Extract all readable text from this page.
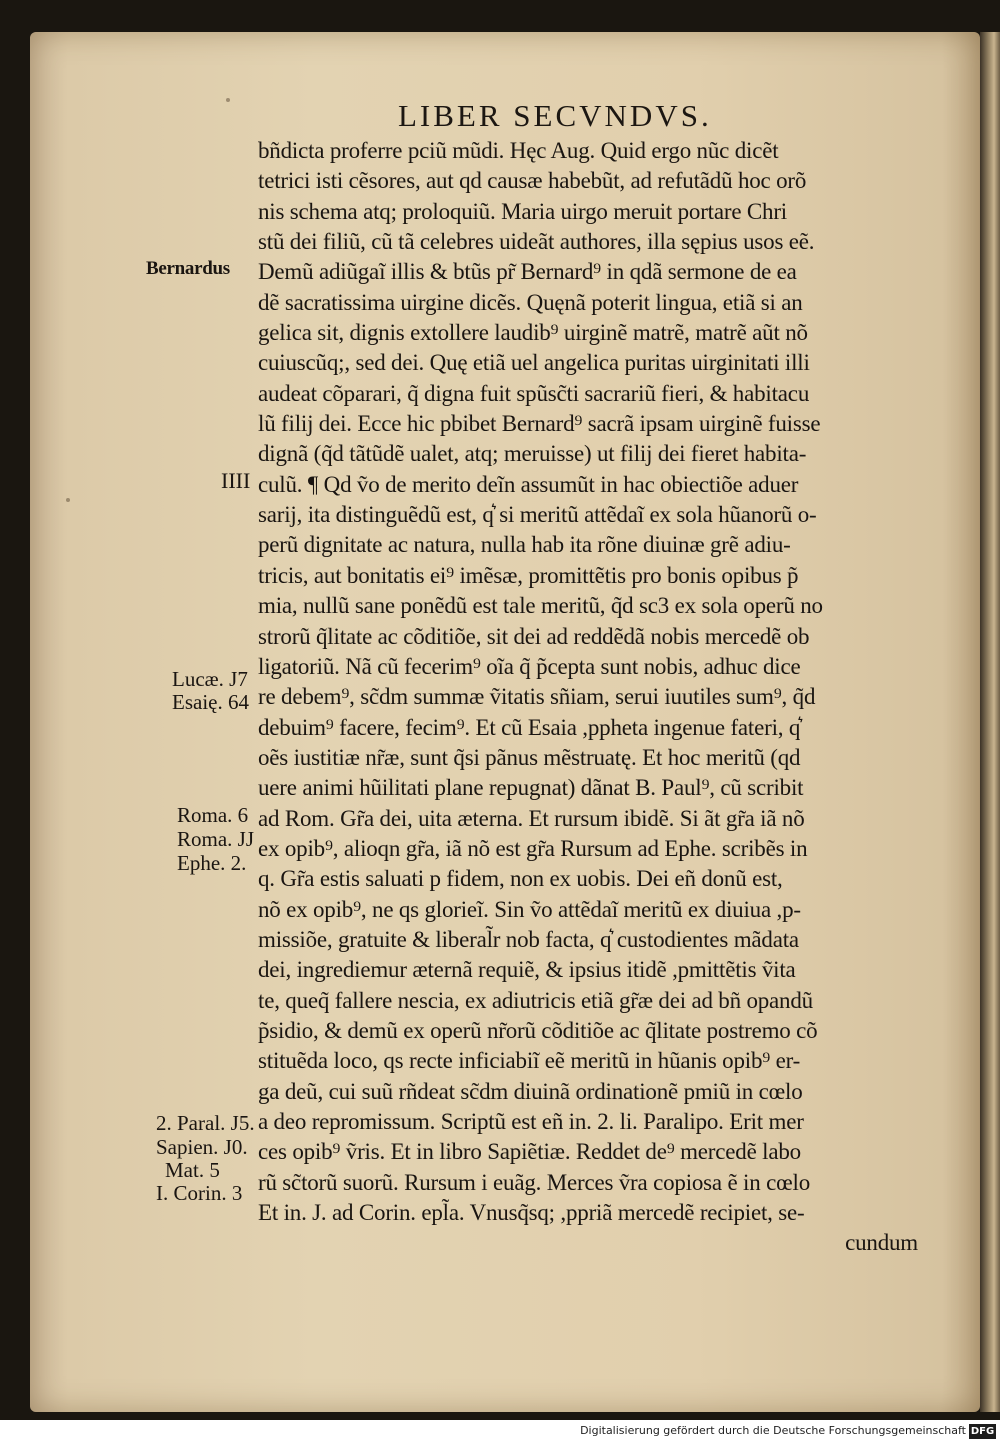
LIBER SECVNDVS.
bñdicta proferre pciũ mũdi. Hęc Aug. Quid ergo nũc dicẽt
tetrici isti cẽsores, aut qd causæ habebũt, ad refutãdũ hoc orõ
nis schema atq; proloquiũ. Maria uirgo meruit portare Chri
stũ dei filiũ, cũ tã celebres uideãt authores, illa sępius usos eẽ.
Demũ adiũgaĩ illis & btũs pr̃ Bernard⁹ in qdã sermone de ea
dẽ sacratissima uirgine dicẽs. Quęnã poterit lingua, etiã si an
gelica sit, dignis extollere laudib⁹ uirginẽ matrẽ, matrẽ aũt nõ
cuiuscũq;, sed dei. Quę etiã uel angelica puritas uirginitati illi
audeat cõparari, q̃ digna fuit spũsc̃ti sacrariũ fieri, & habitacu
lũ filij dei. Ecce hic pbibet Bernard⁹ sacrã ipsam uirginẽ fuisse
dignã (q̃d tãtũdẽ ualet, atq; meruisse) ut filij dei fieret habita-
culũ. ¶ Qd ṽo de merito deĩn assumũt in hac obiectiõe aduer
sarij, ita distinguẽdũ est, q͛ si meritũ attẽdaĩ ex sola hũanorũ o-
perũ dignitate ac natura, nulla hab ita rõne diuinæ grẽ adiu-
tricis, aut bonitatis ei⁹ imẽsæ, promittẽtis pro bonis opibus p̃
mia, nullũ sane ponẽdũ est tale meritũ, q̃d sc3 ex sola operũ no
strorũ q̃litate ac cõditiõe, sit dei ad reddẽdã nobis mercedẽ ob
ligatoriũ. Nã cũ fecerim⁹ oĩa q̃ p̃cepta sunt nobis, adhuc dice
re debem⁹, sc̃dm summæ ṽitatis sñiam, serui iuutiles sum⁹, q̃d
debuim⁹ facere, fecim⁹. Et cũ Esaia ,ppheta ingenue fateri, q͛
oẽs iustitiæ nr̃æ, sunt q̃si pãnus mẽstruatę. Et hoc meritũ (qd
uere animi hũilitati plane repugnat) dãnat B. Paul⁹, cũ scribit
ad Rom. Gr̃a dei, uita æterna. Et rursum ibidẽ. Si ãt gr̃a iã nõ
ex opib⁹, alioqn gr̃a, iã nõ est gr̃a Rursum ad Ephe. scribẽs in
q. Gr̃a estis saluati p fidem, non ex uobis. Dei eñ donũ est,
nõ ex opib⁹, ne qs glorieĩ. Sin ṽo attẽdaĩ meritũ ex diuiua ,p-
missiõe, gratuite & liberal̃r nob facta, q͛ custodientes mãdata
dei, ingrediemur æternã requiẽ, & ipsius itidẽ ,pmittẽtis ṽita
te, queq̃ fallere nescia, ex adiutricis etiã gr̃æ dei ad bñ opandũ
p̃sidio, & demũ ex operũ nr̃orũ cõditiõe ac q̃litate postremo cõ
stituẽda loco, qs recte inficiabiĩ eẽ meritũ in hũanis opib⁹ er-
ga deũ, cui suũ rñdeat sc̃dm diuinã ordinationẽ pmiũ in cœlo
a deo repromissum. Scriptũ est eñ in. 2. li. Paralipo. Erit mer
ces opib⁹ ṽris. Et in libro Sapiẽtiæ. Reddet de⁹ mercedẽ labo
rũ sc̃torũ suorũ. Rursum i euãg. Merces ṽra copiosa ẽ in cœlo
Et in. J. ad Corin. epl̃a. Vnusq̃sq; ,ppriã mercedẽ recipiet, se-
cundum
Bernardus
IIII
Lucæ. J7
Esaię. 64
Roma. 6
Roma. JJ
Ephe. 2.
2. Paral. J5.
Sapien. J0.
Mat. 5
I. Corin. 3
Digitalisierung gefördert durch die Deutsche Forschungsgemeinschaft DFG
